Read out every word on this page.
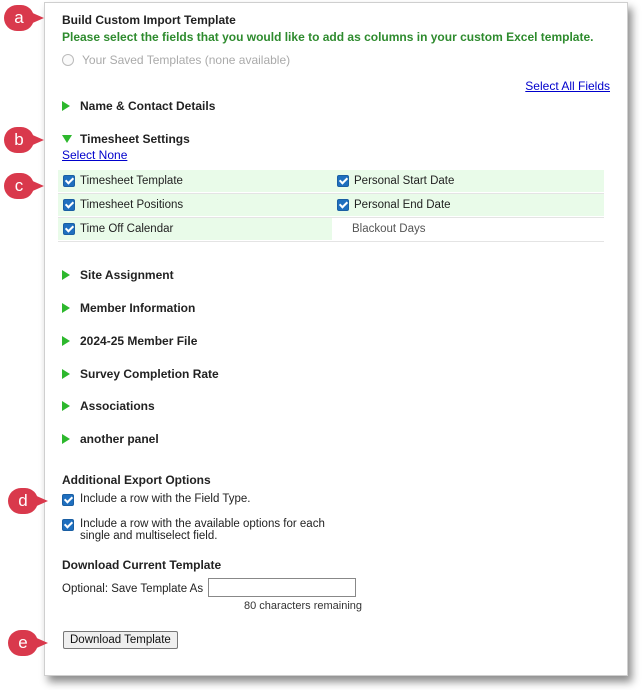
Build Custom Import Template
Please select the fields that you would like to add as columns in your custom Excel template.
Your Saved Templates (none available)
Select All Fields
Name & Contact Details
Timesheet Settings
Select None
Timesheet Template	Personal Start Date
Timesheet Positions	Personal End Date
Time Off Calendar	Blackout Days
Site Assignment
Member Information
2024-25 Member File
Survey Completion Rate
Associations
another panel
Additional Export Options
Include a row with the Field Type.
Include a row with the available options for each
single and multiselect field.
Download Current Template
Optional: Save Template As
80 characters remaining
Download Template
a
b
c
d
e
